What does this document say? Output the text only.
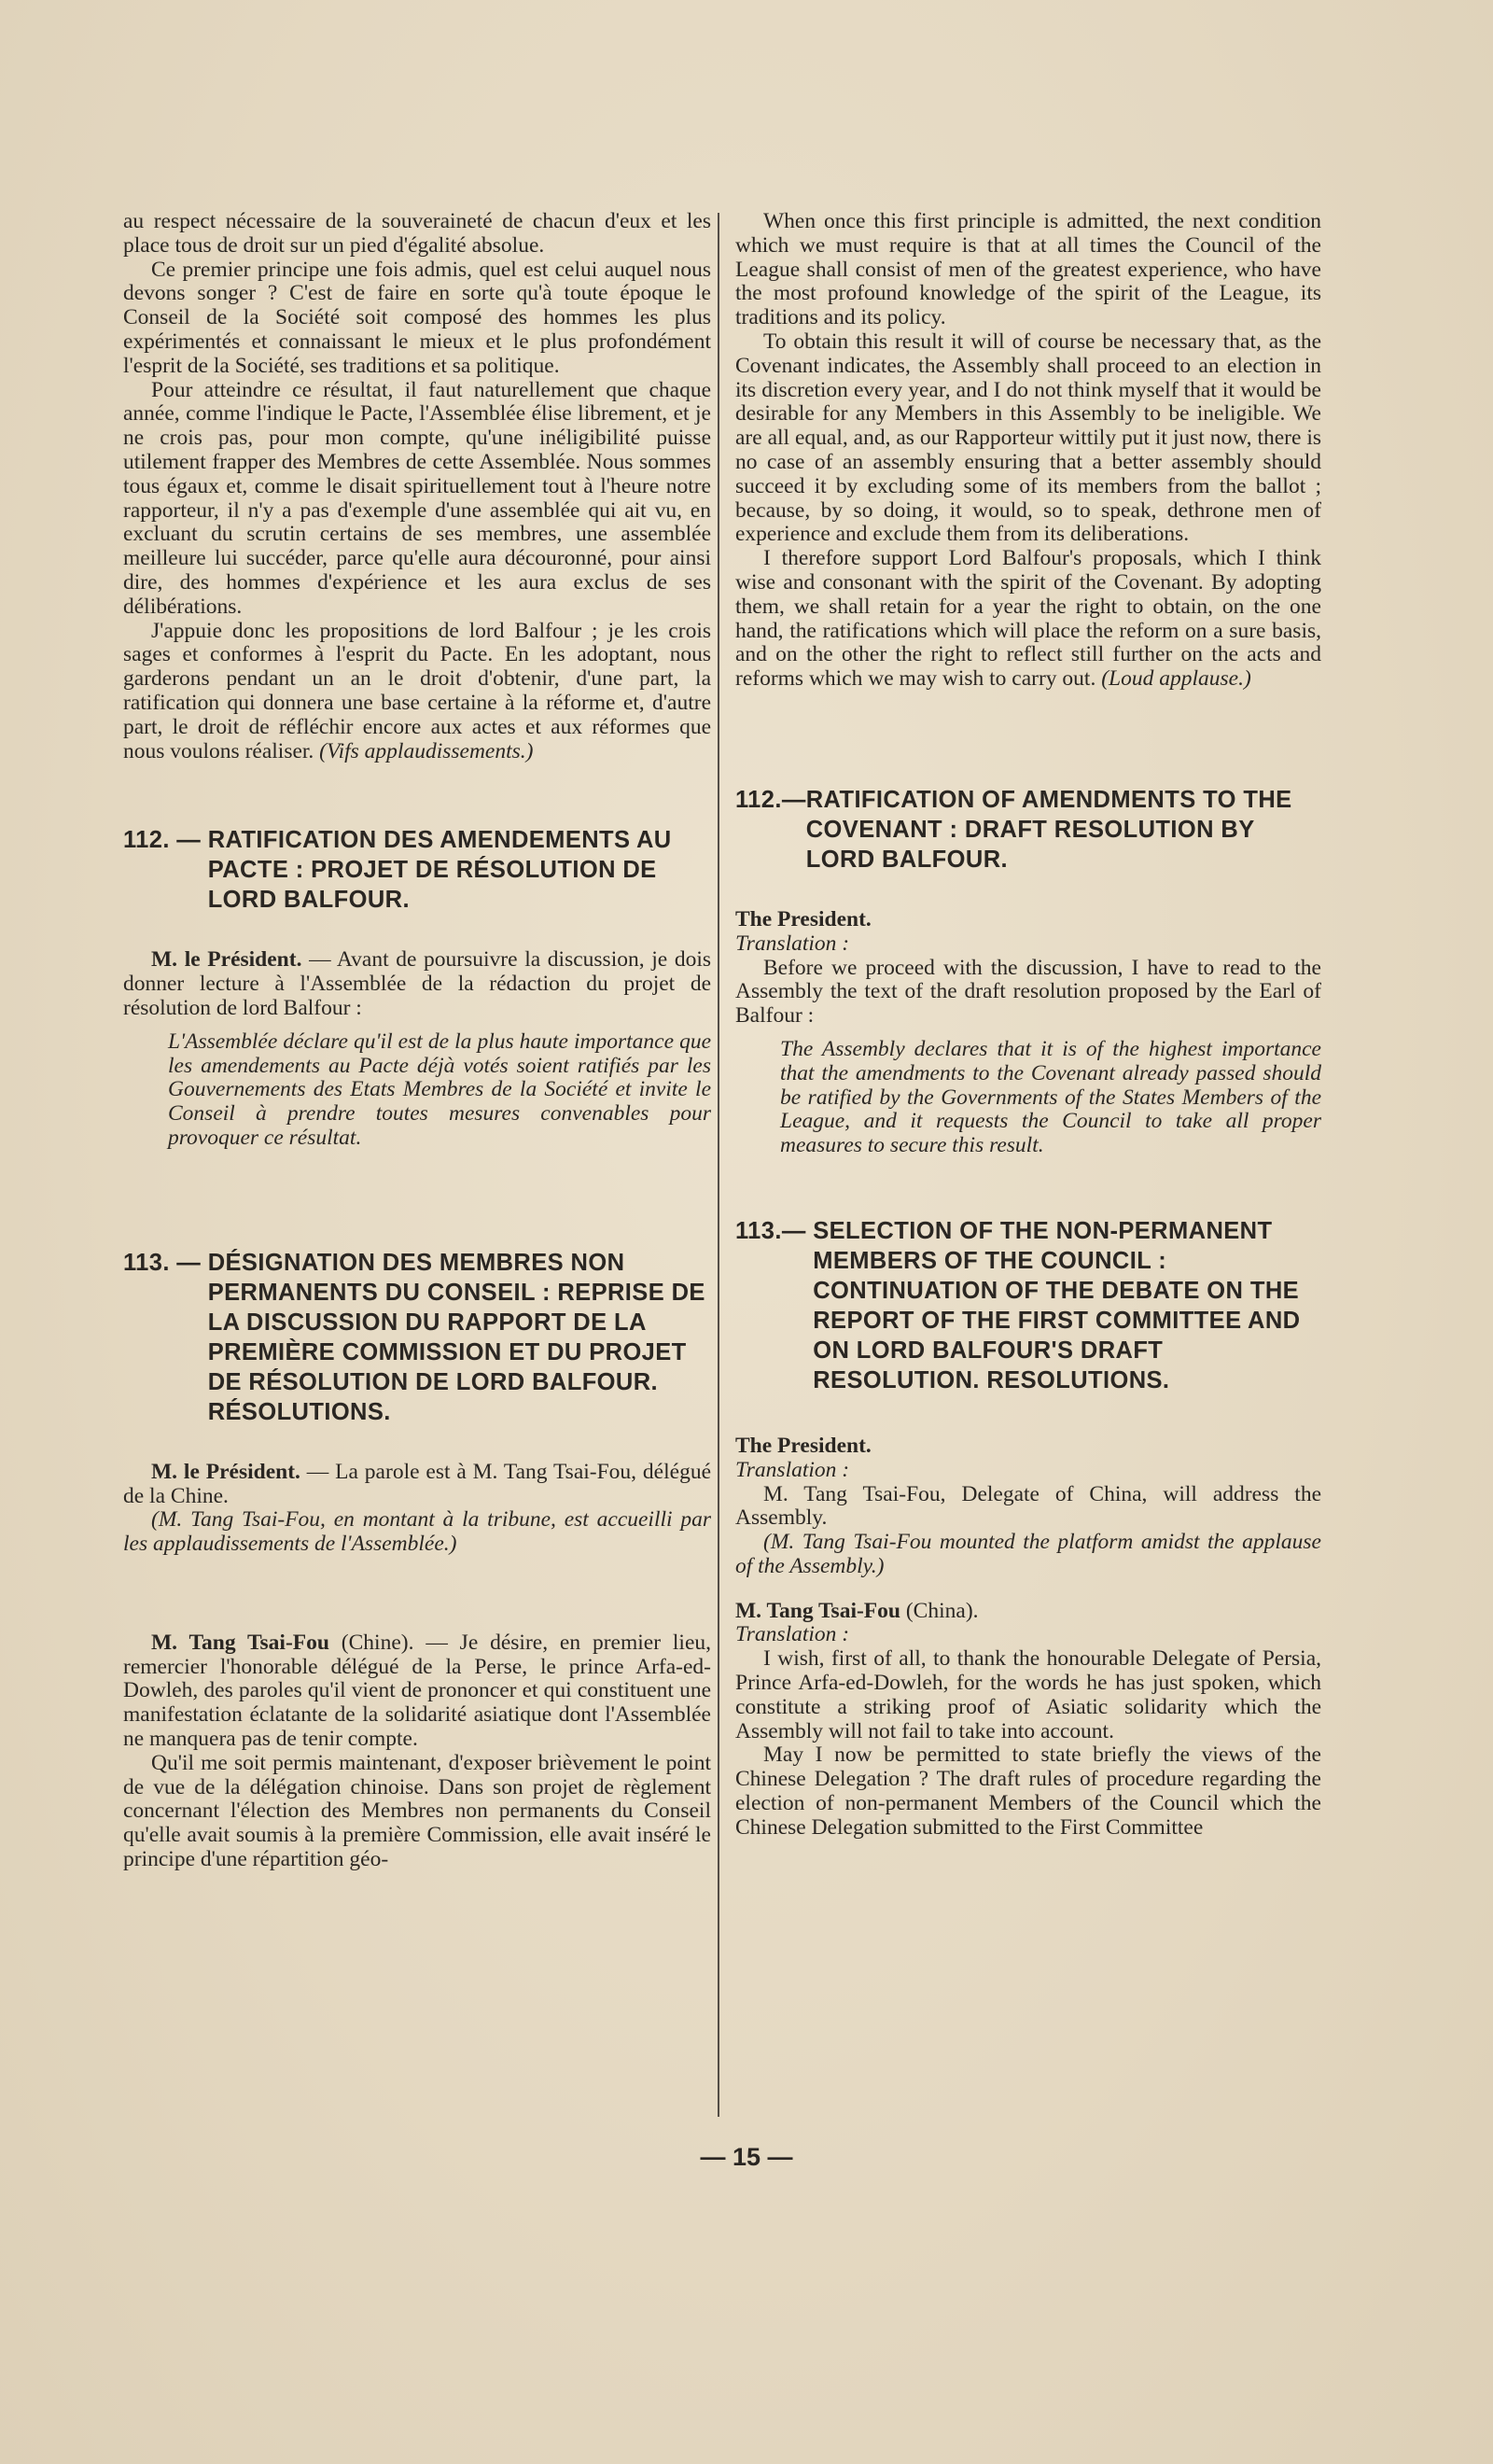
au respect nécessaire de la souveraineté de chacun d'eux et les place tous de droit sur un pied d'égalité absolue.

Ce premier principe une fois admis, quel est celui auquel nous devons songer ? C'est de faire en sorte qu'à toute époque le Conseil de la Société soit composé des hommes les plus expérimentés et connaissant le mieux et le plus profondément l'esprit de la Société, ses traditions et sa politique.

Pour atteindre ce résultat, il faut naturellement que chaque année, comme l'indique le Pacte, l'Assemblée élise librement, et je ne crois pas, pour mon compte, qu'une inéligibilité puisse utilement frapper des Membres de cette Assemblée. Nous sommes tous égaux et, comme le disait spirituellement tout à l'heure notre rapporteur, il n'y a pas d'exemple d'une assemblée qui ait vu, en excluant du scrutin certains de ses membres, une assemblée meilleure lui succéder, parce qu'elle aura découronné, pour ainsi dire, des hommes d'expérience et les aura exclus de ses délibérations.

J'appuie donc les propositions de lord Balfour ; je les crois sages et conformes à l'esprit du Pacte. En les adoptant, nous garderons pendant un an le droit d'obtenir, d'une part, la ratification qui donnera une base certaine à la réforme et, d'autre part, le droit de réfléchir encore aux actes et aux réformes que nous voulons réaliser. (Vifs applaudissements.)

112. — RATIFICATION DES AMENDEMENTS AU PACTE : PROJET DE RÉSOLUTION DE LORD BALFOUR.

M. le Président. — Avant de poursuivre la discussion, je dois donner lecture à l'Assemblée de la rédaction du projet de résolution de lord Balfour :

L'Assemblée déclare qu'il est de la plus haute importance que les amendements au Pacte déjà votés soient ratifiés par les Gouvernements des Etats Membres de la Société et invite le Conseil à prendre toutes mesures convenables pour provoquer ce résultat.

113. — DÉSIGNATION DES MEMBRES NON PERMANENTS DU CONSEIL : REPRISE DE LA DISCUSSION DU RAPPORT DE LA PREMIÈRE COMMISSION ET DU PROJET DE RÉSOLUTION DE LORD BALFOUR. RÉSOLUTIONS.

M. le Président. — La parole est à M. Tang Tsai-Fou, délégué de la Chine.

(M. Tang Tsai-Fou, en montant à la tribune, est accueilli par les applaudissements de l'Assemblée.)

M. Tang Tsai-Fou (Chine). — Je désire, en premier lieu, remercier l'honorable délégué de la Perse, le prince Arfa-ed-Dowleh, des paroles qu'il vient de prononcer et qui constituent une manifestation éclatante de la solidarité asiatique dont l'Assemblée ne manquera pas de tenir compte.

Qu'il me soit permis maintenant, d'exposer brièvement le point de vue de la délégation chinoise. Dans son projet de règlement concernant l'élection des Membres non permanents du Conseil qu'elle avait soumis à la première Commission, elle avait inséré le principe d'une répartition géo-

When once this first principle is admitted, the next condition which we must require is that at all times the Council of the League shall consist of men of the greatest experience, who have the most profound knowledge of the spirit of the League, its traditions and its policy.

To obtain this result it will of course be necessary that, as the Covenant indicates, the Assembly shall proceed to an election in its discretion every year, and I do not think myself that it would be desirable for any Members in this Assembly to be ineligible. We are all equal, and, as our Rapporteur wittily put it just now, there is no case of an assembly ensuring that a better assembly should succeed it by excluding some of its members from the ballot ; because, by so doing, it would, so to speak, dethrone men of experience and exclude them from its deliberations.

I therefore support Lord Balfour's proposals, which I think wise and consonant with the spirit of the Covenant. By adopting them, we shall retain for a year the right to obtain, on the one hand, the ratifications which will place the reform on a sure basis, and on the other the right to reflect still further on the acts and reforms which we may wish to carry out. (Loud applause.)

112.— RATIFICATION OF AMENDMENTS TO THE COVENANT : DRAFT RESOLUTION BY LORD BALFOUR.

The President.

Translation :

Before we proceed with the discussion, I have to read to the Assembly the text of the draft resolution proposed by the Earl of Balfour :

The Assembly declares that it is of the highest importance that the amendments to the Covenant already passed should be ratified by the Governments of the States Members of the League, and it requests the Council to take all proper measures to secure this result.

113.— SELECTION OF THE NON-PERMANENT MEMBERS OF THE COUNCIL : CONTINUATION OF THE DEBATE ON THE REPORT OF THE FIRST COMMITTEE AND ON LORD BALFOUR'S DRAFT RESOLUTION. RESOLUTIONS.

The President.

Translation :

M. Tang Tsai-Fou, Delegate of China, will address the Assembly.

(M. Tang Tsai-Fou mounted the platform amidst the applause of the Assembly.)

M. Tang Tsai-Fou (China).

Translation :

I wish, first of all, to thank the honourable Delegate of Persia, Prince Arfa-ed-Dowleh, for the words he has just spoken, which constitute a striking proof of Asiatic solidarity which the Assembly will not fail to take into account.

May I now be permitted to state briefly the views of the Chinese Delegation ? The draft rules of procedure regarding the election of non-permanent Members of the Council which the Chinese Delegation submitted to the First Committee

— 15 —
